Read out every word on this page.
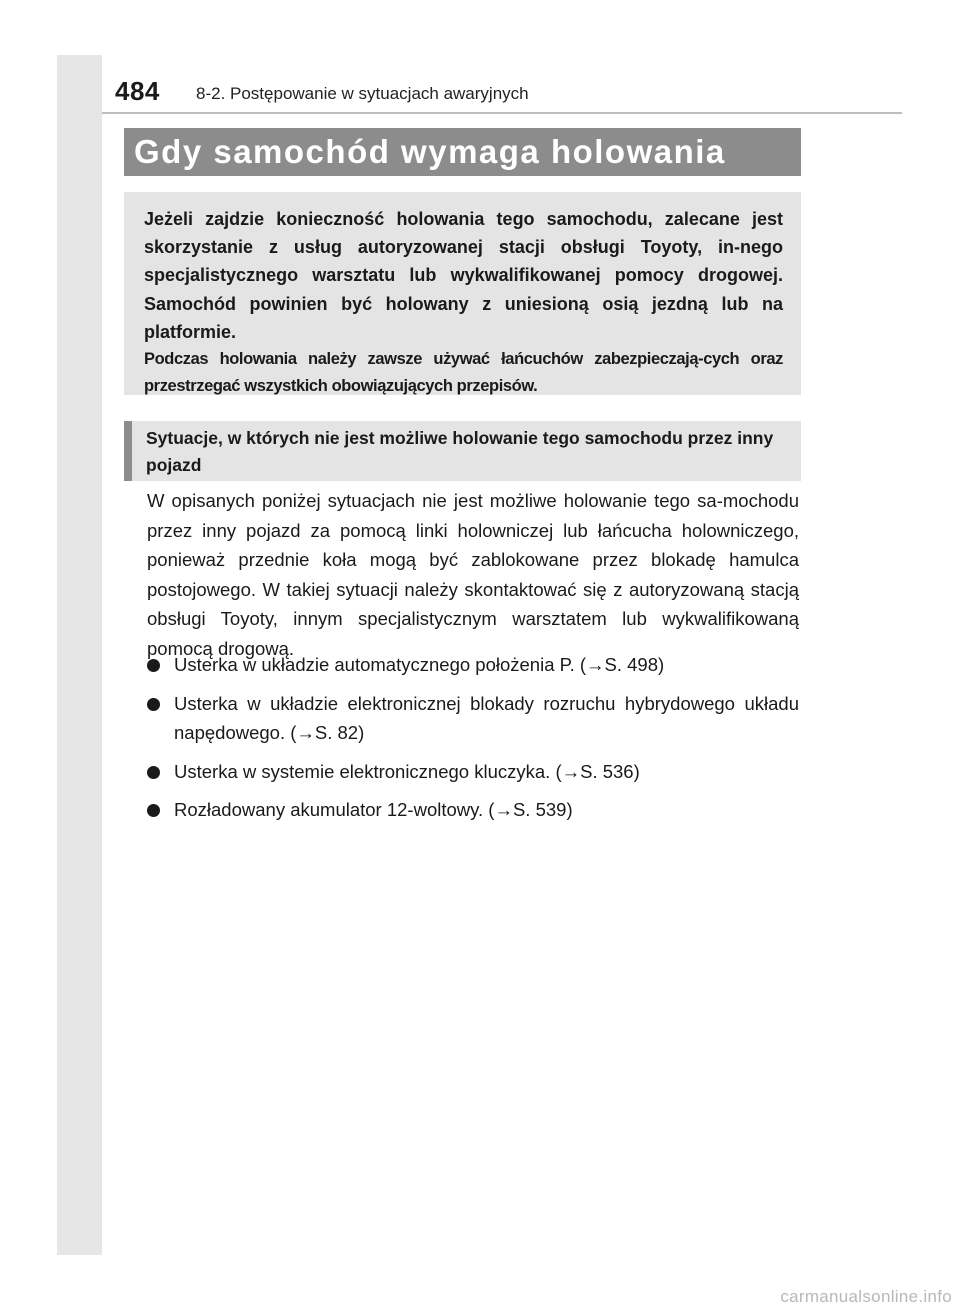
484 8-2. Postępowanie w sytuacjach awaryjnych
Gdy samochód wymaga holowania

Jeżeli zajdzie konieczność holowania tego samochodu, zalecane jest skorzystanie z usług autoryzowanej stacji obsługi Toyoty, in-nego specjalistycznego warsztatu lub wykwalifikowanej pomocy drogowej. Samochód powinien być holowany z uniesioną osią jezdną lub na platformie.

Podczas holowania należy zawsze używać łańcuchów zabezpieczają-cych oraz przestrzegać wszystkich obowiązujących przepisów.

Sytuacje, w których nie jest możliwe holowanie tego samochodu przez inny pojazd

W opisanych poniżej sytuacjach nie jest możliwe holowanie tego sa-mochodu przez inny pojazd za pomocą linki holowniczej lub łańcucha holowniczego, ponieważ przednie koła mogą być zablokowane przez blokadę hamulca postojowego. W takiej sytuacji należy skontaktować się z autoryzowaną stacją obsługi Toyoty, innym specjalistycznym warsztatem lub wykwalifikowaną pomocą drogową.

Usterka w układzie automatycznego położenia P. (→S. 498)
Usterka w układzie elektronicznej blokady rozruchu hybrydowego układu napędowego. (→S. 82)
Usterka w systemie elektronicznego kluczyka. (→S. 536)
Rozładowany akumulator 12-woltowy. (→S. 539)
carmanualsonline.info
